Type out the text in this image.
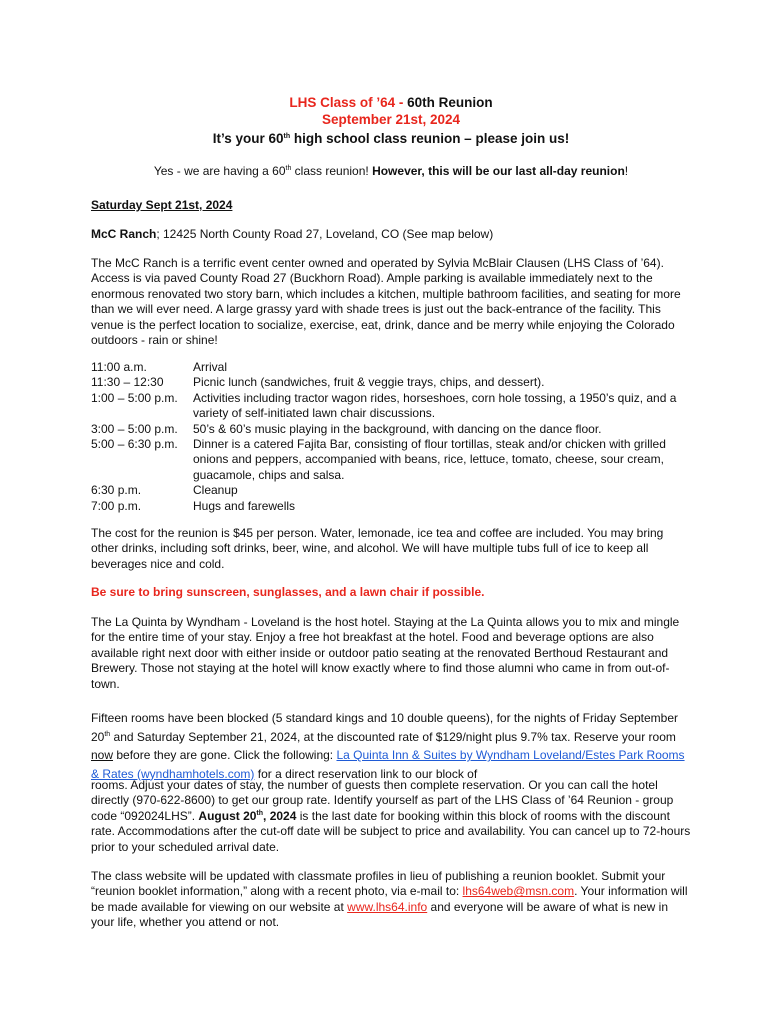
LHS Class of ’64 - 60th Reunion
September 21st, 2024
It’s your 60th high school class reunion – please join us!
Yes - we are having a 60th class reunion! However, this will be our last all-day reunion!
Saturday Sept 21st, 2024
McC Ranch; 12425 North County Road 27, Loveland, CO (See map below)
The McC Ranch is a terrific event center owned and operated by Sylvia McBlair Clausen (LHS Class of ’64). Access is via paved County Road 27 (Buckhorn Road). Ample parking is available immediately next to the enormous renovated two story barn, which includes a kitchen, multiple bathroom facilities, and seating for more than we will ever need. A large grassy yard with shade trees is just out the back-entrance of the facility. This venue is the perfect location to socialize, exercise, eat, drink, dance and be merry while enjoying the Colorado outdoors - rain or shine!
11:00 a.m.	Arrival
11:30 – 12:30	Picnic lunch (sandwiches, fruit & veggie trays, chips, and dessert).
1:00 – 5:00 p.m.	Activities including tractor wagon rides, horseshoes, corn hole tossing, a 1950’s quiz, and a variety of self-initiated lawn chair discussions.
3:00 – 5:00 p.m.	50’s & 60’s music playing in the background, with dancing on the dance floor.
5:00 – 6:30 p.m.	Dinner is a catered Fajita Bar, consisting of flour tortillas, steak and/or chicken with grilled onions and peppers, accompanied with beans, rice, lettuce, tomato, cheese, sour cream, guacamole, chips and salsa.
6:30 p.m.	Cleanup
7:00 p.m.	Hugs and farewells
The cost for the reunion is $45 per person. Water, lemonade, ice tea and coffee are included. You may bring other drinks, including soft drinks, beer, wine, and alcohol. We will have multiple tubs full of ice to keep all beverages nice and cold.
Be sure to bring sunscreen, sunglasses, and a lawn chair if possible.
The La Quinta by Wyndham - Loveland is the host hotel. Staying at the La Quinta allows you to mix and mingle for the entire time of your stay. Enjoy a free hot breakfast at the hotel. Food and beverage options are also available right next door with either inside or outdoor patio seating at the renovated Berthoud Restaurant and Brewery. Those not staying at the hotel will know exactly where to find those alumni who came in from out-of-town.
Fifteen rooms have been blocked (5 standard kings and 10 double queens), for the nights of Friday September 20th and Saturday September 21, 2024, at the discounted rate of $129/night plus 9.7% tax. Reserve your room now before they are gone. Click the following: La Quinta Inn & Suites by Wyndham Loveland/Estes Park Rooms & Rates (wyndhamhotels.com) for a direct reservation link to our block of
rooms. Adjust your dates of stay, the number of guests then complete reservation. Or you can call the hotel directly (970-622-8600) to get our group rate. Identify yourself as part of the LHS Class of ’64 Reunion - group code “092024LHS”. August 20th, 2024 is the last date for booking within this block of rooms with the discount rate. Accommodations after the cut-off date will be subject to price and availability. You can cancel up to 72-hours prior to your scheduled arrival date.
The class website will be updated with classmate profiles in lieu of publishing a reunion booklet. Submit your “reunion booklet information,” along with a recent photo, via e-mail to: lhs64web@msn.com. Your information will be made available for viewing on our website at www.lhs64.info and everyone will be aware of what is new in your life, whether you attend or not.
